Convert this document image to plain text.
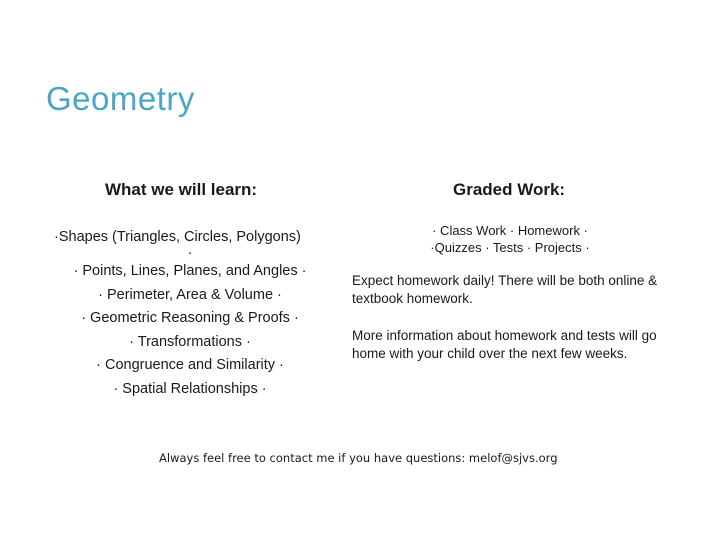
Geometry
What we will learn:
·Shapes (Triangles, Circles, Polygons)
·
· Points, Lines, Planes, and Angles ·
· Perimeter, Area & Volume ·
· Geometric Reasoning & Proofs ·
· Transformations ·
· Congruence and Similarity ·
· Spatial Relationships ·
Graded Work:
· Class Work · Homework ·
·Quizzes · Tests · Projects ·
Expect homework daily! There will be both online & textbook homework.
More information about homework and tests will go home with your child over the next few weeks.
Always feel free to contact me if you have questions: melof@sjvs.org
